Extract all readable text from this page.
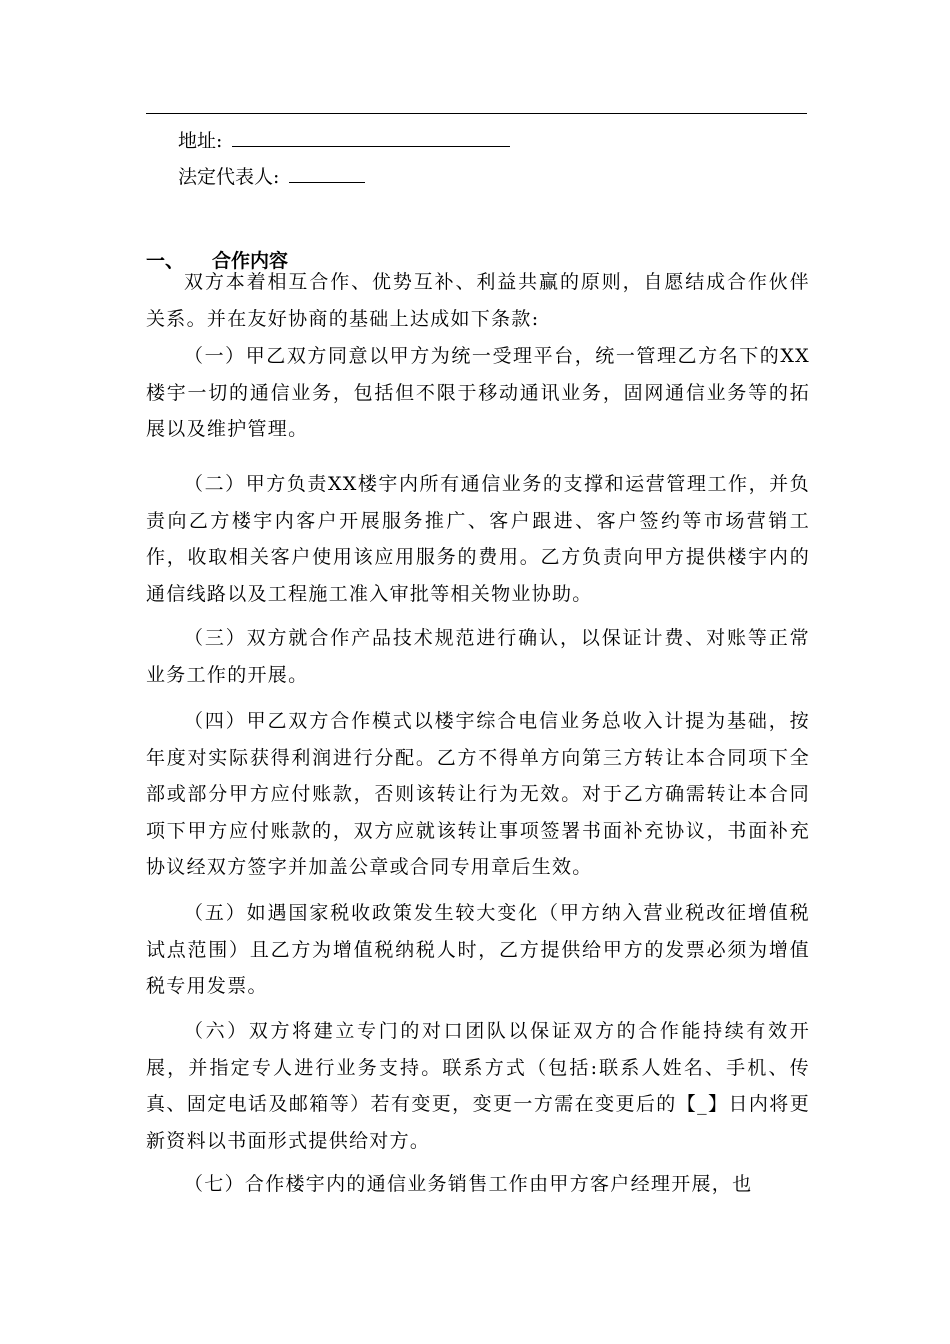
地址:
法定代表人:
一、 合作内容

双方本着相互合作、优势互补、利益共赢的原则，自愿结成合作伙伴关系。并在友好协商的基础上达成如下条款:

（一）甲乙双方同意以甲方为统一受理平台，统一管理乙方名下的XX楼宇一切的通信业务，包括但不限于移动通讯业务，固网通信业务等的拓展以及维护管理。

（二）甲方负责XX楼宇内所有通信业务的支撑和运营管理工作，并负责向乙方楼宇内客户开展服务推广、客户跟进、客户签约等市场营销工作，收取相关客户使用该应用服务的费用。乙方负责向甲方提供楼宇内的通信线路以及工程施工准入审批等相关物业协助。

（三）双方就合作产品技术规范进行确认，以保证计费、对账等正常业务工作的开展。

（四）甲乙双方合作模式以楼宇综合电信业务总收入计提为基础，按年度对实际获得利润进行分配。乙方不得单方向第三方转让本合同项下全部或部分甲方应付账款，否则该转让行为无效。对于乙方确需转让本合同项下甲方应付账款的，双方应就该转让事项签署书面补充协议，书面补充协议经双方签字并加盖公章或合同专用章后生效。

（五）如遇国家税收政策发生较大变化（甲方纳入营业税改征增值税试点范围）且乙方为增值税纳税人时，乙方提供给甲方的发票必须为增值税专用发票。

（六）双方将建立专门的对口团队以保证双方的合作能持续有效开展，并指定专人进行业务支持。联系方式（包括:联系人姓名、手机、传真、固定电话及邮箱等）若有变更，变更一方需在变更后的【_】日内将更新资料以书面形式提供给对方。

（七）合作楼宇内的通信业务销售工作由甲方客户经理开展，也
